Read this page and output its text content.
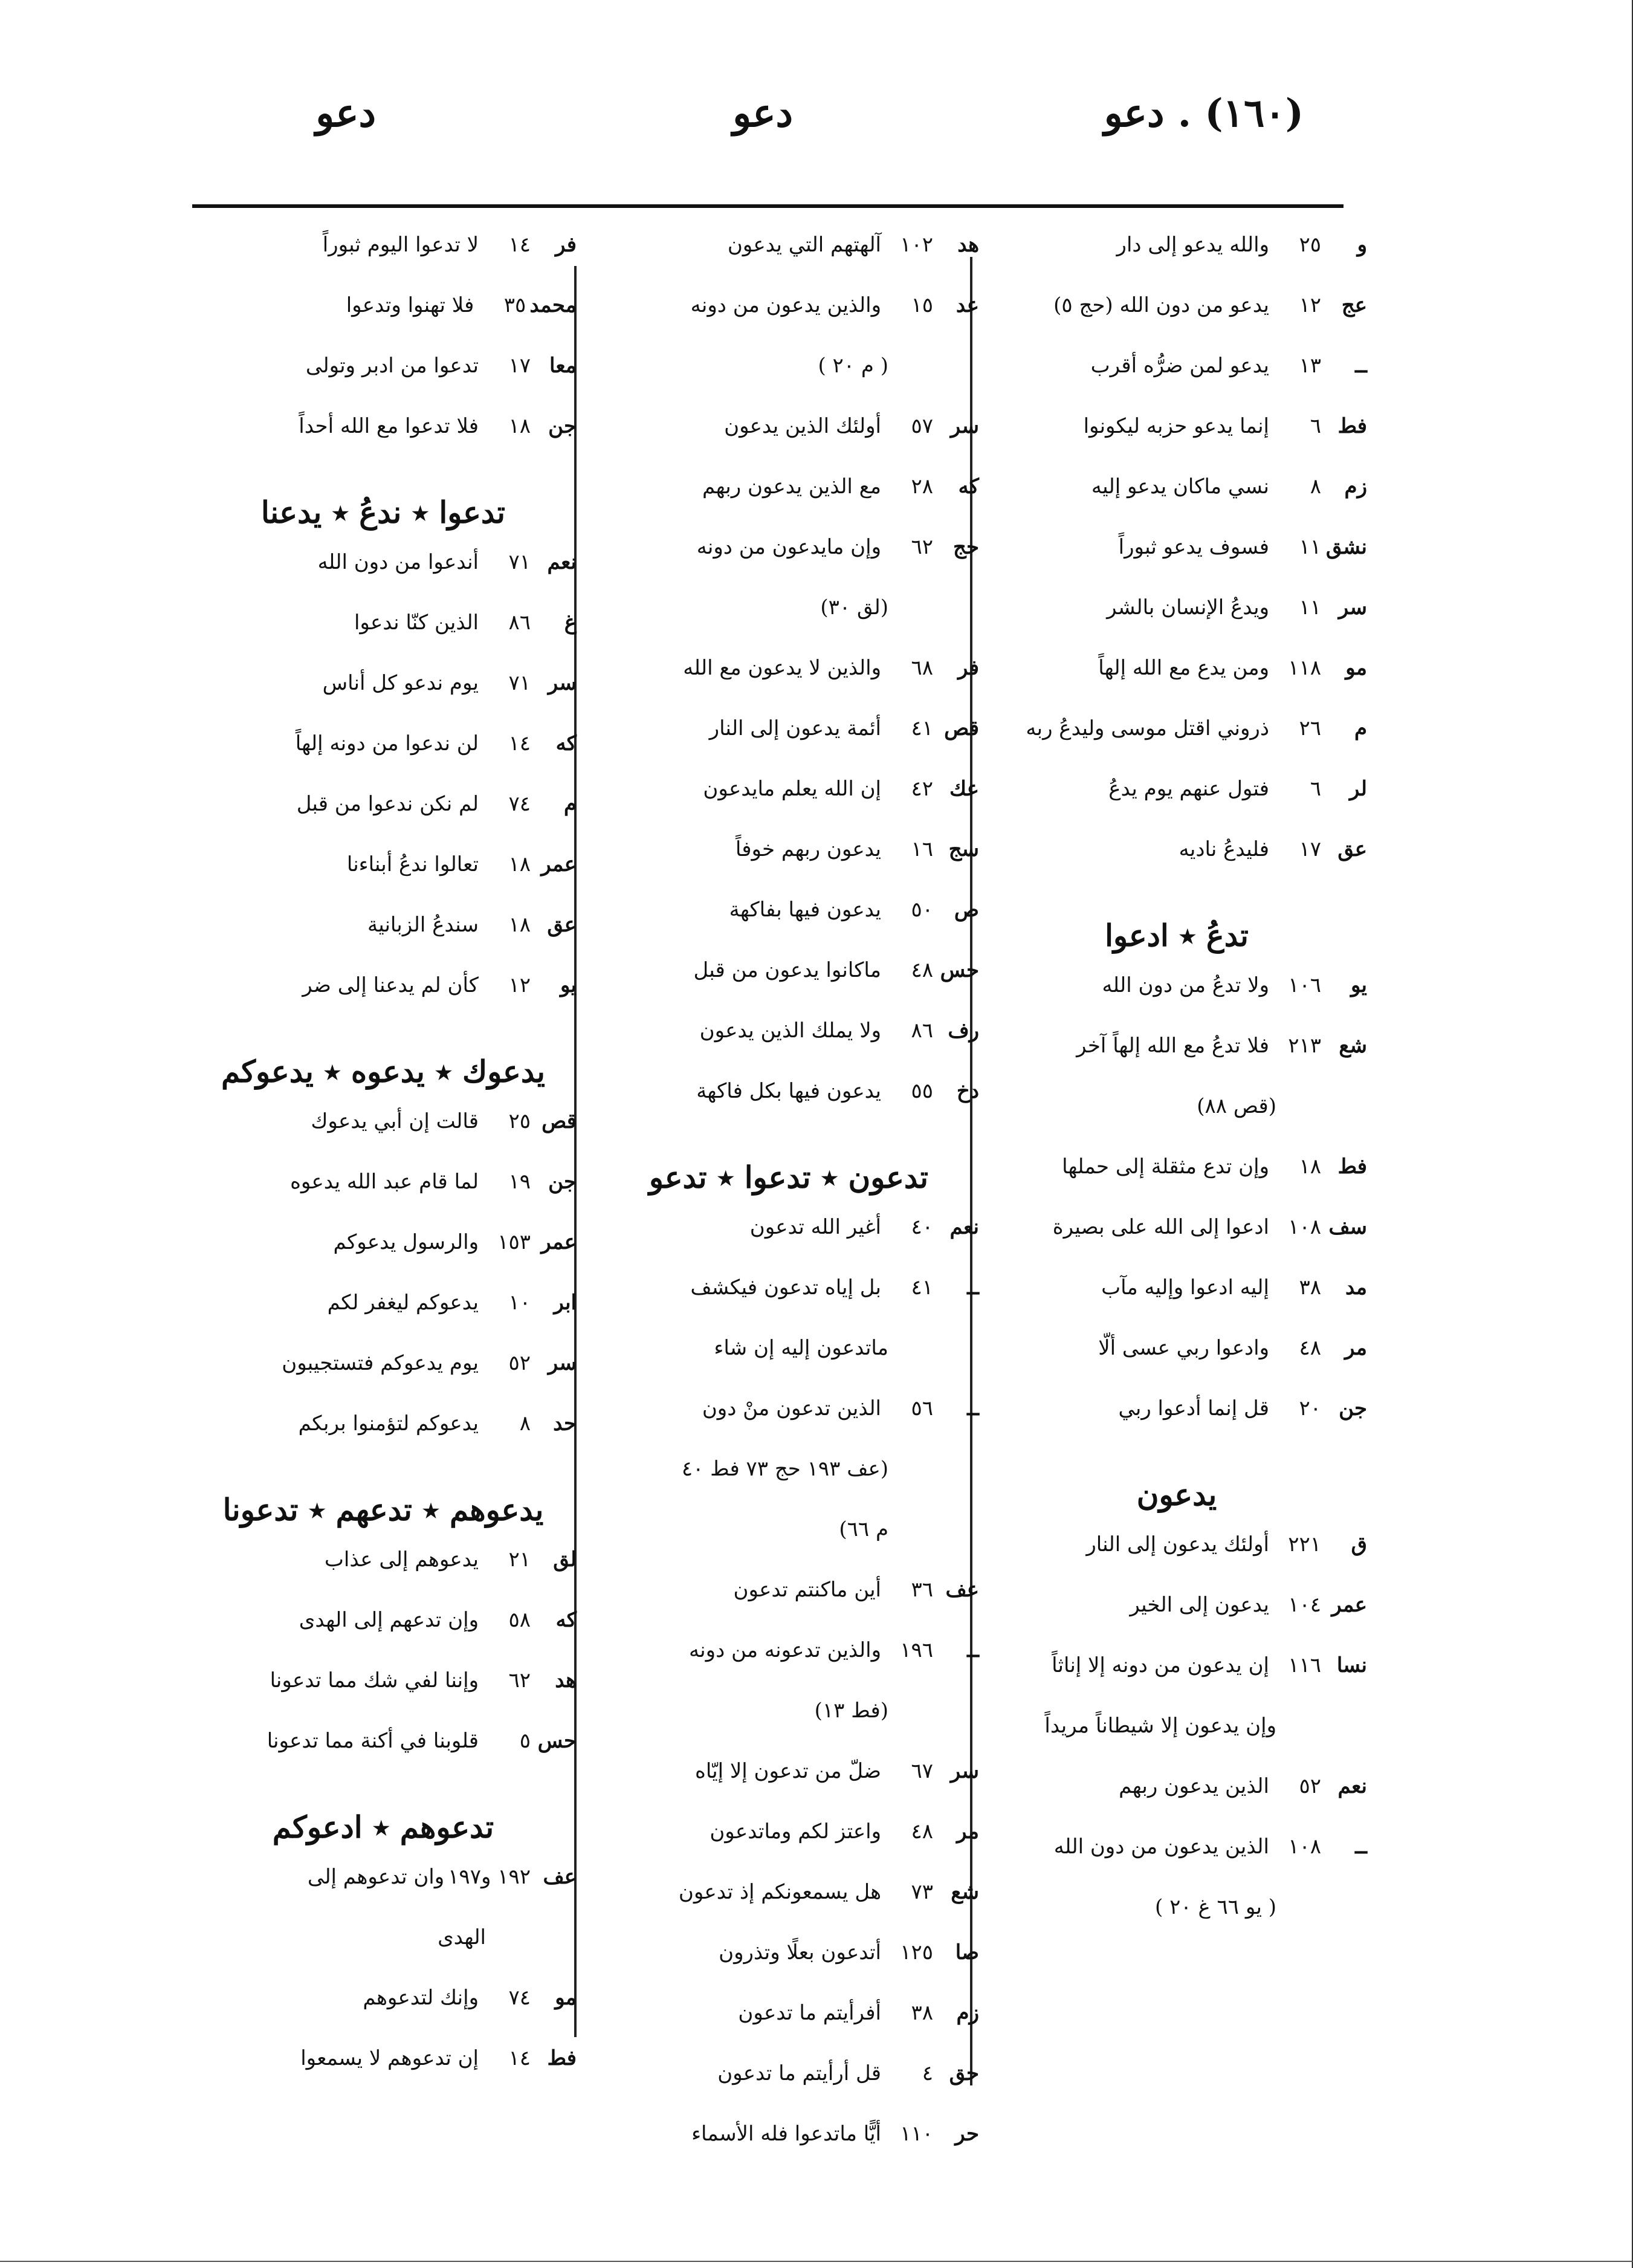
(١٦٠) . دعو
دعو
دعو
و
٢٥
والله يدعو إلى دار
عج
١٢
يدعو من دون الله (حج ٥)
ــ
١٣
يدعو لمن ضرُّه أقرب
فط
٦
إنما يدعو حزبه ليكونوا
زم
٨
نسي ماكان يدعو إليه
نشق
١١
فسوف يدعو ثبوراً
سر
١١
ويدعُ الإنسان بالشر
مو
١١٨
ومن يدع مع الله إلهاً
م
٢٦
ذروني اقتل موسى وليدعُ ربه
لر
٦
فتول عنهم يوم يدعُ
عق
١٧
فليدعُ ناديه
تدعُ ٭ ادعوا
يو
١٠٦
ولا تدعُ من دون الله
شع
٢١٣
فلا تدعُ مع الله إلهاً آخر
(قص ٨٨)
فط
١٨
وإن تدع مثقلة إلى حملها
سف
١٠٨
ادعوا إلى الله على بصيرة
مد
٣٨
إليه ادعوا وإليه مآب
مر
٤٨
وادعوا ربي عسى ألّا
جن
٢٠
قل إنما أدعوا ربي
يدعون
ق
٢٢١
أولئك يدعون إلى النار
عمر
١٠٤
يدعون إلى الخير
نسا
١١٦
إن يدعون من دونه إلا إناثاً
وإن يدعون إلا شيطاناً مريداً
نعم
٥٢
الذين يدعون ربهم
ــ
١٠٨
الذين يدعون من دون الله
( يو ٦٦ غ ٢٠ )
هد
١٠٢
آلهتهم التي يدعون
عد
١٥
والذين يدعون من دونه
( م ٢٠ )
سر
٥٧
أولئك الذين يدعون
كه
٢٨
مع الذين يدعون ربهم
حج
٦٢
وإن مايدعون من دونه
(لق ٣٠)
فر
٦٨
والذين لا يدعون مع الله
قص
٤١
أئمة يدعون إلى النار
عك
٤٢
إن الله يعلم مايدعون
سج
١٦
يدعون ربهم خوفاً
ص
٥٠
يدعون فيها بفاكهة
حس
٤٨
ماكانوا يدعون من قبل
رف
٨٦
ولا يملك الذين يدعون
دخ
٥٥
يدعون فيها بكل فاكهة
تدعون ٭ تدعوا ٭ تدعو
نعم
٤٠
أغير الله تدعون
ــ
٤١
بل إياه تدعون فيكشف
ماتدعون إليه إن شاء
ــ
٥٦
الذين تدعون منْ دون
(عف ١٩٣ حج ٧٣ فط ٤٠
م ٦٦)
عف
٣٦
أين ماكنتم تدعون
ــ
١٩٦
والذين تدعونه من دونه
(فط ١٣)
سر
٦٧
ضلّ من تدعون إلا إيّاه
مر
٤٨
واعتز لكم وماتدعون
شع
٧٣
هل يسمعونكم إذ تدعون
صا
١٢٥
أتدعون بعلًا وتذرون
زم
٣٨
أفرأيتم ما تدعون
حق
٤
قل أرأيتم ما تدعون
حر
١١٠
أيًّا ماتدعوا فله الأسماء
فر
١٤
لا تدعوا اليوم ثبوراً
محمد
٣٥
فلا تهنوا وتدعوا
معا
١٧
تدعوا من ادبر وتولى
جن
١٨
فلا تدعوا مع الله أحداً
تدعوا ٭ ندعُ ٭ يدعنا
نعم
٧١
أندعوا من دون الله
غ
٨٦
الذين كنّا ندعوا
سر
٧١
يوم ندعو كل أناس
كه
١٤
لن ندعوا من دونه إلهاً
م
٧٤
لم نكن ندعوا من قبل
عمر
١٨
تعالوا ندعُ أبناءنا
عق
١٨
سندعُ الزبانية
يو
١٢
كأن لم يدعنا إلى ضر
يدعوك ٭ يدعوه ٭ يدعوكم
قص
٢٥
قالت إن أبي يدعوك
جن
١٩
لما قام عبد الله يدعوه
عمر
١٥٣
والرسول يدعوكم
ابر
١٠
يدعوكم ليغفر لكم
سر
٥٢
يوم يدعوكم فتستجيبون
حد
٨
يدعوكم لتؤمنوا بربكم
يدعوهم ٭ تدعهم ٭ تدعونا
لق
٢١
يدعوهم إلى عذاب
كه
٥٨
وإن تدعهم إلى الهدى
هد
٦٢
وإننا لفي شك مما تدعونا
حس
٥
قلوبنا في أكنة مما تدعونا
تدعوهم ٭ ادعوكم
عف
١٩٢ و١٩٧
وان تدعوهم إلى
الهدى
مو
٧٤
وإنك لتدعوهم
فط
١٤
إن تدعوهم لا يسمعوا
